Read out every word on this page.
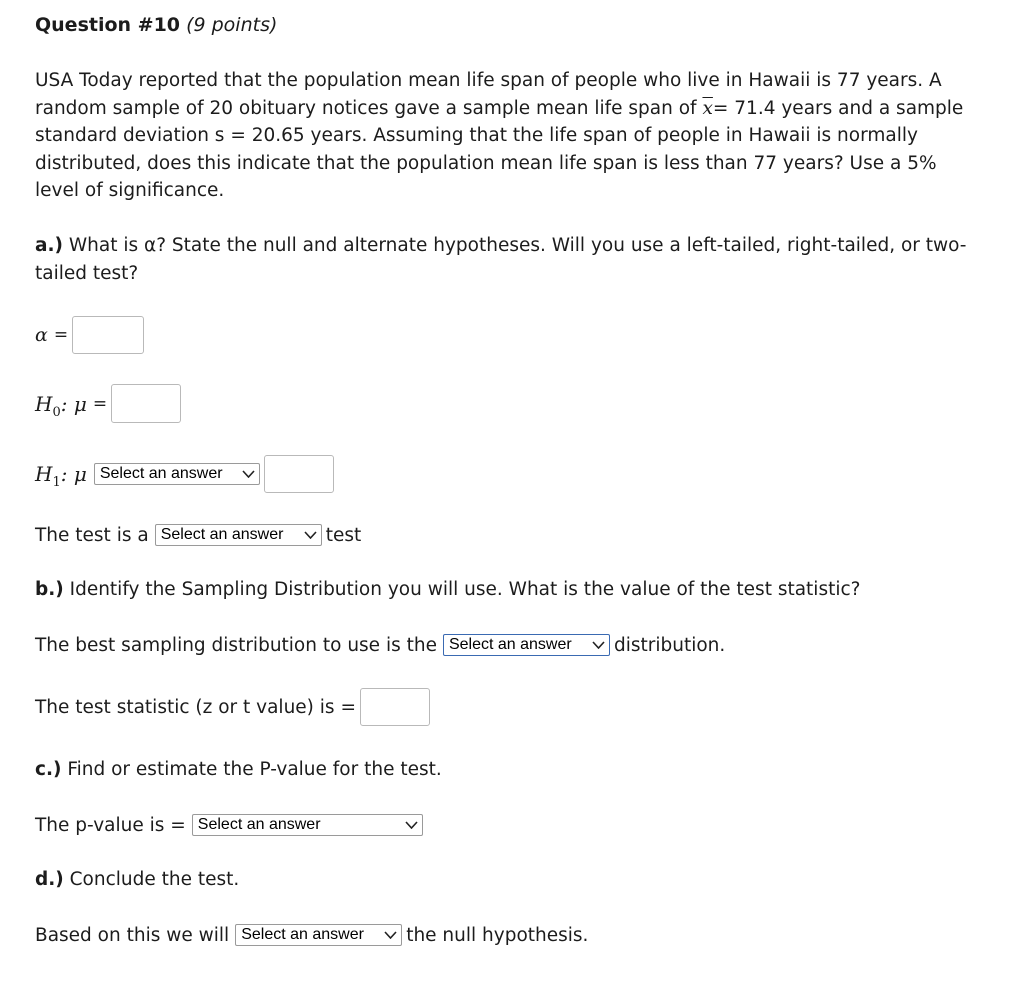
Question #10 (9 points)
USA Today reported that the population mean life span of people who live in Hawaii is 77 years. A
random sample of 20 obituary notices gave a sample mean life span of $\overline{x}= 71.4$ years and a sample
standard deviation s = 20.65 years. Assuming that the life span of people in Hawaii is normally
distributed, does this indicate that the population mean life span is less than 77 years? Use a 5%
level of significance.
a.) What is α? State the null and alternate hypotheses. Will you use a left-tailed, right-tailed, or two-
tailed test?
α =
$H_0$: μ =
$H_1$: μ Select an answer
The test is a Select an answer test
b.) Identify the Sampling Distribution you will use. What is the value of the test statistic?
The best sampling distribution to use is the Select an answer distribution.
The test statistic (z or t value) is =
c.) Find or estimate the P-value for the test.
The p-value is = Select an answer
d.) Conclude the test.
Based on this we will Select an answer the null hypothesis.
